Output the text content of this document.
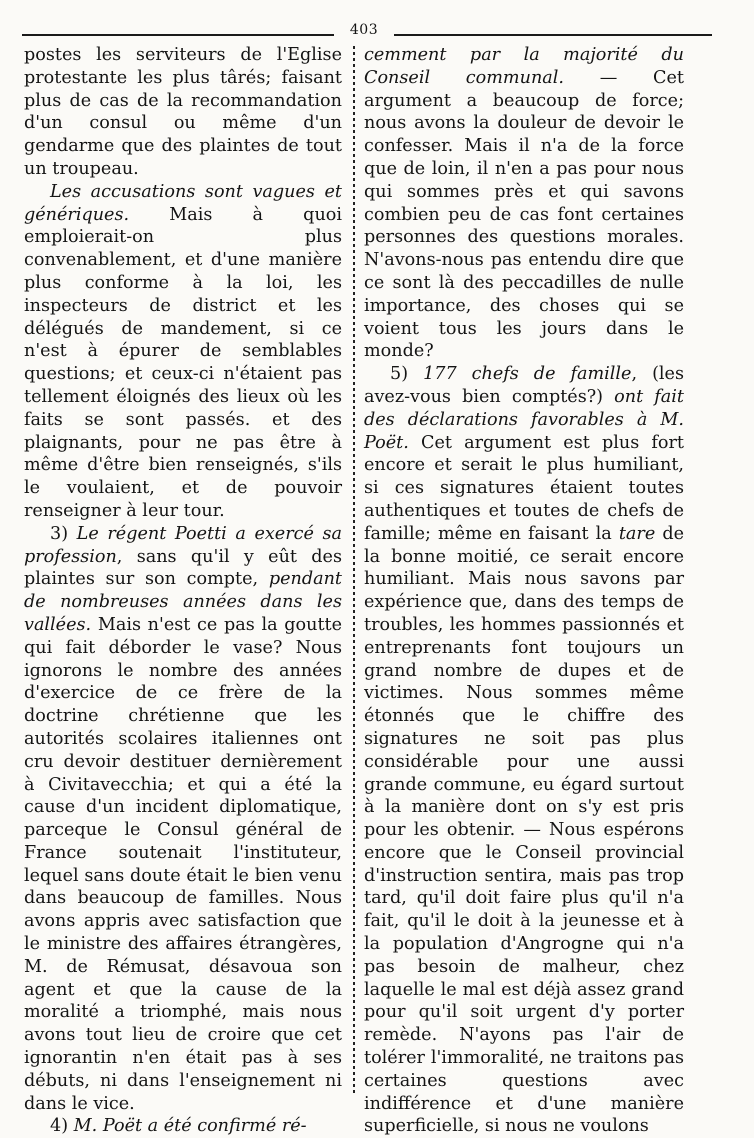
403

postes les serviteurs de l'Eglise protestante les plus târés; faisant plus de cas de la recommandation d'un consul ou même d'un gendarme que des plaintes de tout un troupeau.

Les accusations sont vagues et génériques. Mais à quoi emploierait-on plus convenablement, et d'une manière plus conforme à la loi, les inspecteurs de district et les délégués de mandement, si ce n'est à épurer de semblables questions; et ceux-ci n'étaient pas tellement éloignés des lieux où les faits se sont passés. et des plaignants, pour ne pas être à même d'être bien renseignés, s'ils le voulaient, et de pouvoir renseigner à leur tour.

3) Le régent Poetti a exercé sa profession, sans qu'il y eût des plaintes sur son compte, pendant de nombreuses années dans les vallées. Mais n'est ce pas la goutte qui fait déborder le vase? Nous ignorons le nombre des années d'exercice de ce frère de la doctrine chrétienne que les autorités scolaires italiennes ont cru devoir destituer dernièrement à Civitavecchia; et qui a été la cause d'un incident diplomatique, parceque le Consul général de France soutenait l'instituteur, lequel sans doute était le bien venu dans beaucoup de familles. Nous avons appris avec satisfaction que le ministre des affaires étrangères, M. de Rémusat, désavoua son agent et que la cause de la moralité a triomphé, mais nous avons tout lieu de croire que cet ignorantin n'en était pas à ses débuts, ni dans l'enseignement ni dans le vice.

4) M. Poët a été confirmé ré-

cemment par la majorité du Conseil communal. — Cet argument a beaucoup de force; nous avons la douleur de devoir le confesser. Mais il n'a de la force que de loin, il n'en a pas pour nous qui sommes près et qui savons combien peu de cas font certaines personnes des questions morales. N'avons-nous pas entendu dire que ce sont là des peccadilles de nulle importance, des choses qui se voient tous les jours dans le monde?

5) 177 chefs de famille, (les avez-vous bien comptés?) ont fait des déclarations favorables à M. Poët. Cet argument est plus fort encore et serait le plus humiliant, si ces signatures étaient toutes authentiques et toutes de chefs de famille; même en faisant la tare de la bonne moitié, ce serait encore humiliant. Mais nous savons par expérience que, dans des temps de troubles, les hommes passionnés et entreprenants font toujours un grand nombre de dupes et de victimes. Nous sommes même étonnés que le chiffre des signatures ne soit pas plus considérable pour une aussi grande commune, eu égard surtout à la manière dont on s'y est pris pour les obtenir. — Nous espérons encore que le Conseil provincial d'instruction sentira, mais pas trop tard, qu'il doit faire plus qu'il n'a fait, qu'il le doit à la jeunesse et à la population d'Angrogne qui n'a pas besoin de malheur, chez laquelle le mal est déjà assez grand pour qu'il soit urgent d'y porter remède. N'ayons pas l'air de tolérer l'immoralité, ne traitons pas certaines questions avec indifférence et d'une manière superficielle, si nous ne voulons
